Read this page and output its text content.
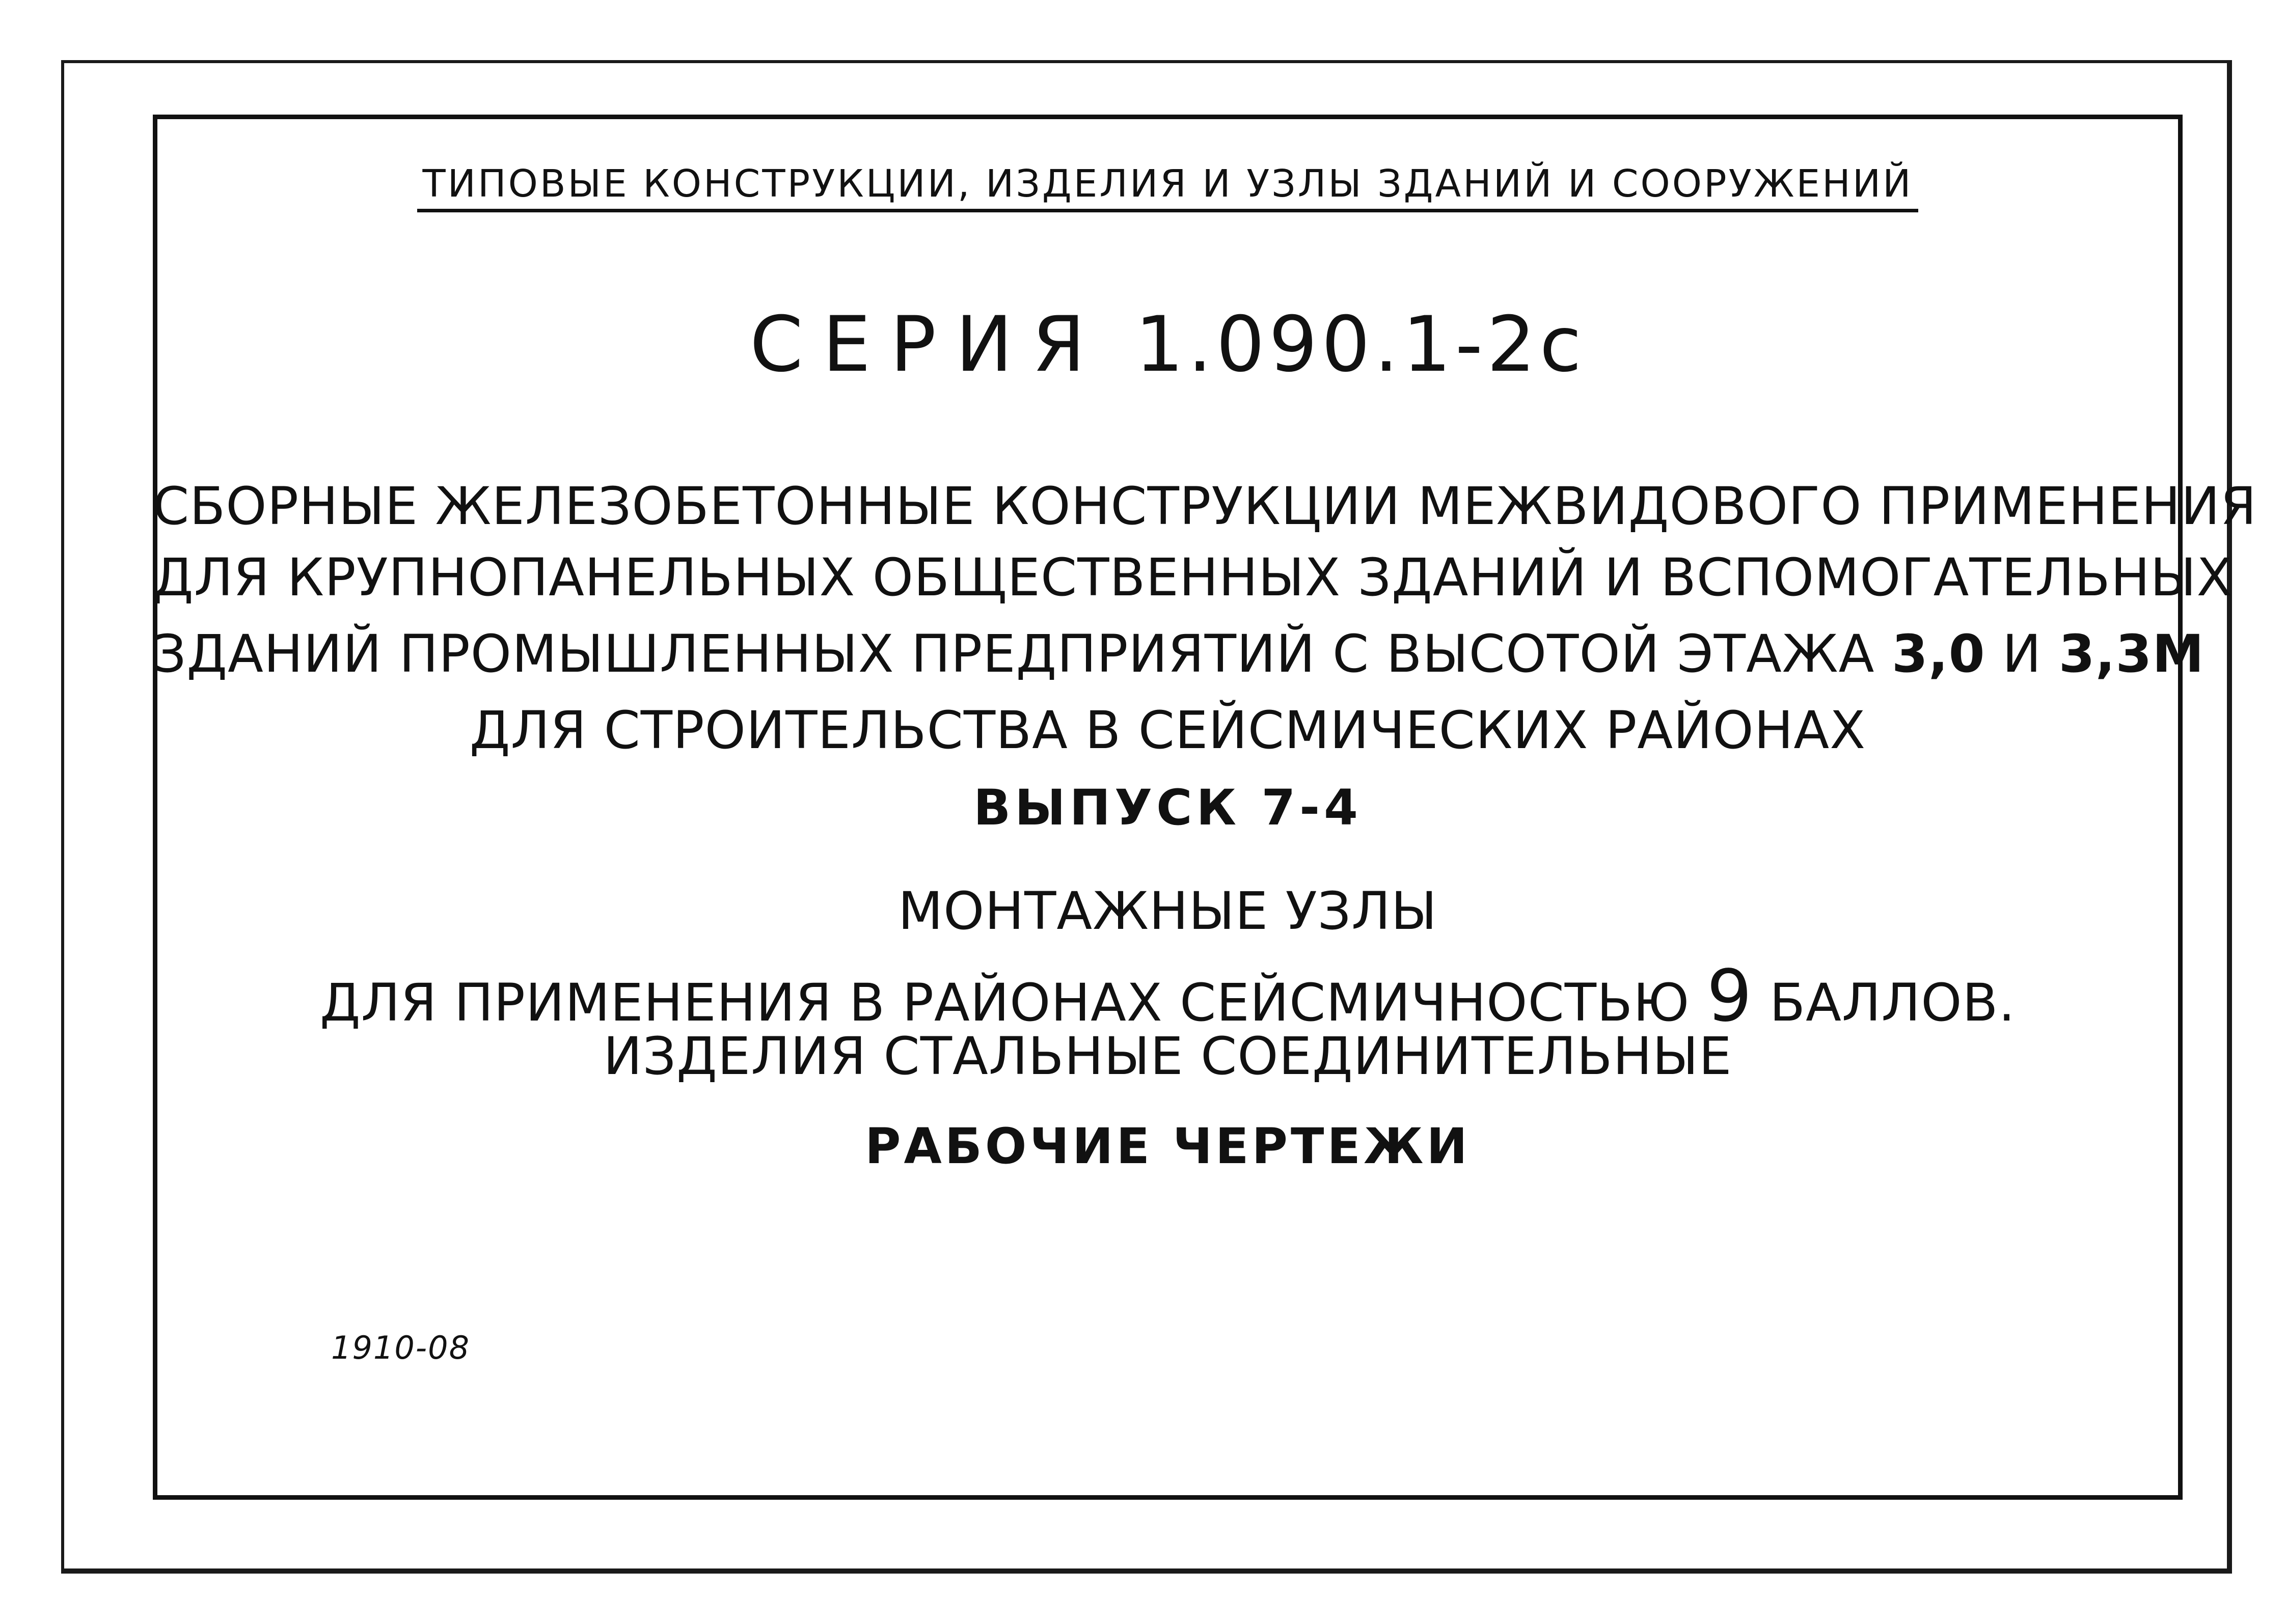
ТИПОВЫЕ КОНСТРУКЦИИ, ИЗДЕЛИЯ И УЗЛЫ ЗДАНИЙ И СООРУЖЕНИЙ
СЕРИЯ 1.090.1-2с
СБОРНЫЕ ЖЕЛЕЗОБЕТОННЫЕ КОНСТРУКЦИИ МЕЖВИДОВОГО ПРИМЕНЕНИЯ
ДЛЯ КРУПНОПАНЕЛЬНЫХ ОБЩЕСТВЕННЫХ ЗДАНИЙ И ВСПОМОГАТЕЛЬНЫХ
ЗДАНИЙ ПРОМЫШЛЕННЫХ ПРЕДПРИЯТИЙ С ВЫСОТОЙ ЭТАЖА 3,0 И 3,3М
ДЛЯ СТРОИТЕЛЬСТВА В СЕЙСМИЧЕСКИХ РАЙОНАХ
ВЫПУСК 7-4
МОНТАЖНЫЕ УЗЛЫ
ДЛЯ ПРИМЕНЕНИЯ В РАЙОНАХ СЕЙСМИЧНОСТЬЮ 9 БАЛЛОВ.
ИЗДЕЛИЯ СТАЛЬНЫЕ СОЕДИНИТЕЛЬНЫЕ
РАБОЧИЕ ЧЕРТЕЖИ
1910-08
